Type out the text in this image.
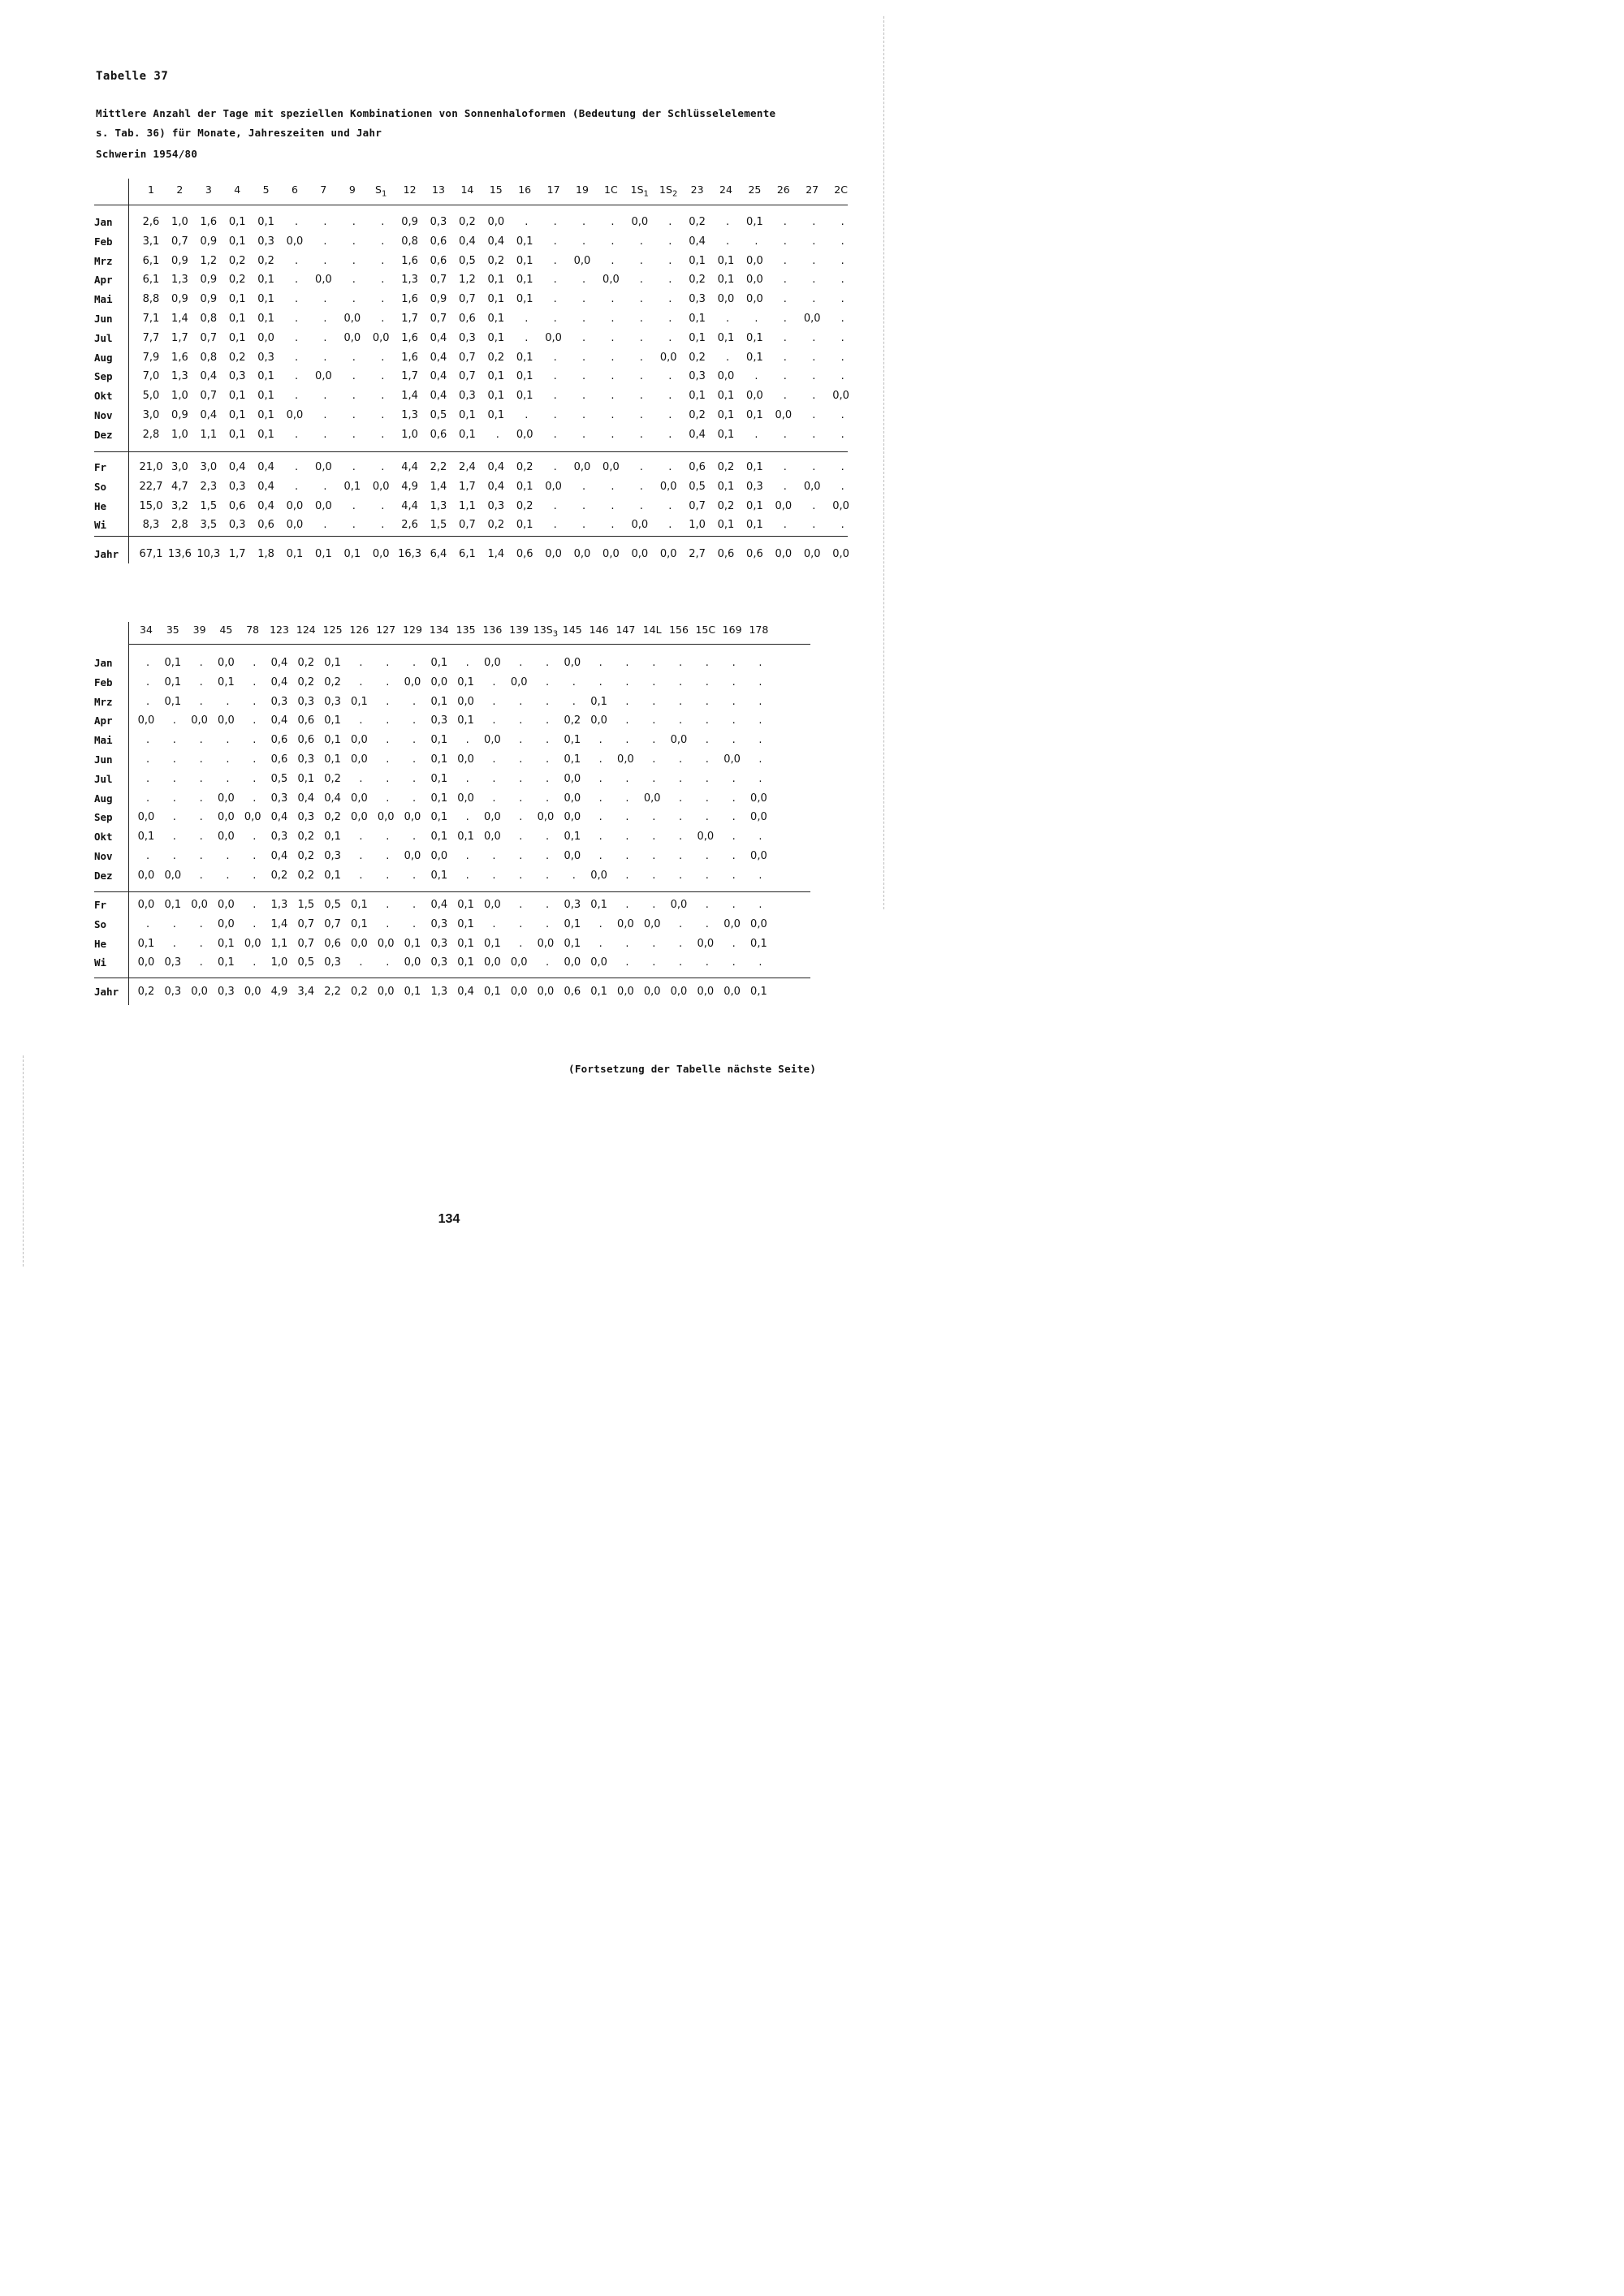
Tabelle 37
Mittlere Anzahl der Tage mit speziellen Kombinationen von Sonnenhaloformen (Bedeutung der Schlüsselelemente
s. Tab. 36) für Monate, Jahreszeiten und Jahr
Schwerin 1954/80
1 2 3 4 5 6 7 9 $S_1$ 12 13 14 15 16 17 19 1C $1S_1$ $1S_2$ 23 24 25 26 27 2C
Jan	2,6 1,0 1,6 0,1 0,1 . . . . 0,9 0,3 0,2 0,0 . . . . 0,0 . 0,2 . 0,1 . . .
Feb	3,1 0,7 0,9 0,1 0,3 0,0 . . . 0,8 0,6 0,4 0,4 0,1 . . . . . 0,4 . . . . .
Mrz	6,1 0,9 1,2 0,2 0,2 . . . . 1,6 0,6 0,5 0,2 0,1 . 0,0 . . . 0,1 0,1 0,0 . . .
Apr	6,1 1,3 0,9 0,2 0,1 . 0,0 . . 1,3 0,7 1,2 0,1 0,1 . . 0,0 . . 0,2 0,1 0,0 . . .
Mai	8,8 0,9 0,9 0,1 0,1 . . . . 1,6 0,9 0,7 0,1 0,1 . . . . . 0,3 0,0 0,0 . . .
Jun	7,1 1,4 0,8 0,1 0,1 . . 0,0 . 1,7 0,7 0,6 0,1 . . . . . . 0,1 . . . 0,0 .
Jul	7,7 1,7 0,7 0,1 0,0 . . 0,0 0,0 1,6 0,4 0,3 0,1 . 0,0 . . . . 0,1 0,1 0,1 . . .
Aug	7,9 1,6 0,8 0,2 0,3 . . . . 1,6 0,4 0,7 0,2 0,1 . . . . 0,0 0,2 . 0,1 . . .
Sep	7,0 1,3 0,4 0,3 0,1 . 0,0 . . 1,7 0,4 0,7 0,1 0,1 . . . . . 0,3 0,0 . . . .
Okt	5,0 1,0 0,7 0,1 0,1 . . . . 1,4 0,4 0,3 0,1 0,1 . . . . . 0,1 0,1 0,0 . . 0,0
Nov	3,0 0,9 0,4 0,1 0,1 0,0 . . . 1,3 0,5 0,1 0,1 . . . . . . 0,2 0,1 0,1 0,0 . .
Dez	2,8 1,0 1,1 0,1 0,1 . . . . 1,0 0,6 0,1 . 0,0 . . . . . 0,4 0,1 . . . .
Fr	21,0 3,0 3,0 0,4 0,4 . 0,0 . . 4,4 2,2 2,4 0,4 0,2 . 0,0 0,0 . . 0,6 0,2 0,1 . . .
So	22,7 4,7 2,3 0,3 0,4 . . 0,1 0,0 4,9 1,4 1,7 0,4 0,1 0,0 . . . 0,0 0,5 0,1 0,3 . 0,0 .
He	15,0 3,2 1,5 0,6 0,4 0,0 0,0 . . 4,4 1,3 1,1 0,3 0,2 . . . . . 0,7 0,2 0,1 0,0 . 0,0
Wi	8,3 2,8 3,5 0,3 0,6 0,0 . . . 2,6 1,5 0,7 0,2 0,1 . . . 0,0 . 1,0 0,1 0,1 . . .
Jahr 67,1 13,6 10,3 1,7 1,8 0,1 0,1 0,1 0,0 16,3 6,4 6,1 1,4 0,6 0,0 0,0 0,0 0,0 0,0 2,7 0,6 0,6 0,0 0,0 0,0
34 35 39 45 78 123 124 125 126 127 129 134 135 136 139 $13S_3$ 145 146 147 14L 156 15C 169 178
Jan	. 0,1 . 0,0 . 0,4 0,2 0,1 . . . 0,1 . 0,0 . . 0,0 . . . . . . .
Feb	. 0,1 . 0,1 . 0,4 0,2 0,2 . . 0,0 0,0 0,1 . 0,0 . . . . . . . . .
Mrz	. 0,1 . . . 0,3 0,3 0,3 0,1 . . 0,1 0,0 . . . . 0,1 . . . . . .
Apr	0,0 . 0,0 0,0 . 0,4 0,6 0,1 . . . 0,3 0,1 . . . 0,2 0,0 . . . . . .
Mai	. . . . . 0,6 0,6 0,1 0,0 . . 0,1 . 0,0 . . 0,1 . . . 0,0 . . .
Jun	. . . . . 0,6 0,3 0,1 0,0 . . 0,1 0,0 . . . 0,1 . 0,0 . . . 0,0 .
Jul	. . . . . 0,5 0,1 0,2 . . . 0,1 . . . . 0,0 . . . . . . .
Aug	. . . 0,0 . 0,3 0,4 0,4 0,0 . . 0,1 0,0 . . . 0,0 . . 0,0 . . . 0,0
Sep	0,0 . . 0,0 0,0 0,4 0,3 0,2 0,0 0,0 0,0 0,1 . 0,0 . 0,0 0,0 . . . . . . 0,0
Okt	0,1 . . 0,0 . 0,3 0,2 0,1 . . . 0,1 0,1 0,0 . . 0,1 . . . . 0,0 . .
Nov	. . . . . 0,4 0,2 0,3 . . 0,0 0,0 . . . . 0,0 . . . . . . 0,0
Dez	0,0 0,0 . . . 0,2 0,2 0,1 . . . 0,1 . . . . . 0,0 . . . . . .
Fr	0,0 0,1 0,0 0,0 . 1,3 1,5 0,5 0,1 . . 0,4 0,1 0,0 . . 0,3 0,1 . . 0,0 . . .
So	. . . 0,0 . 1,4 0,7 0,7 0,1 . . 0,3 0,1 . . . 0,1 . 0,0 0,0 . . 0,0 0,0
He	0,1 . . 0,1 0,0 1,1 0,7 0,6 0,0 0,0 0,1 0,3 0,1 0,1 . 0,0 0,1 . . . . 0,0 . 0,1
Wi	0,0 0,3 . 0,1 . 1,0 0,5 0,3 . . 0,0 0,3 0,1 0,0 0,0 . 0,0 0,0 . . . . . .
Jahr 0,2 0,3 0,0 0,3 0,0 4,9 3,4 2,2 0,2 0,0 0,1 1,3 0,4 0,1 0,0 0,0 0,6 0,1 0,0 0,0 0,0 0,0 0,0 0,1
(Fortsetzung der Tabelle nächste Seite)
134
